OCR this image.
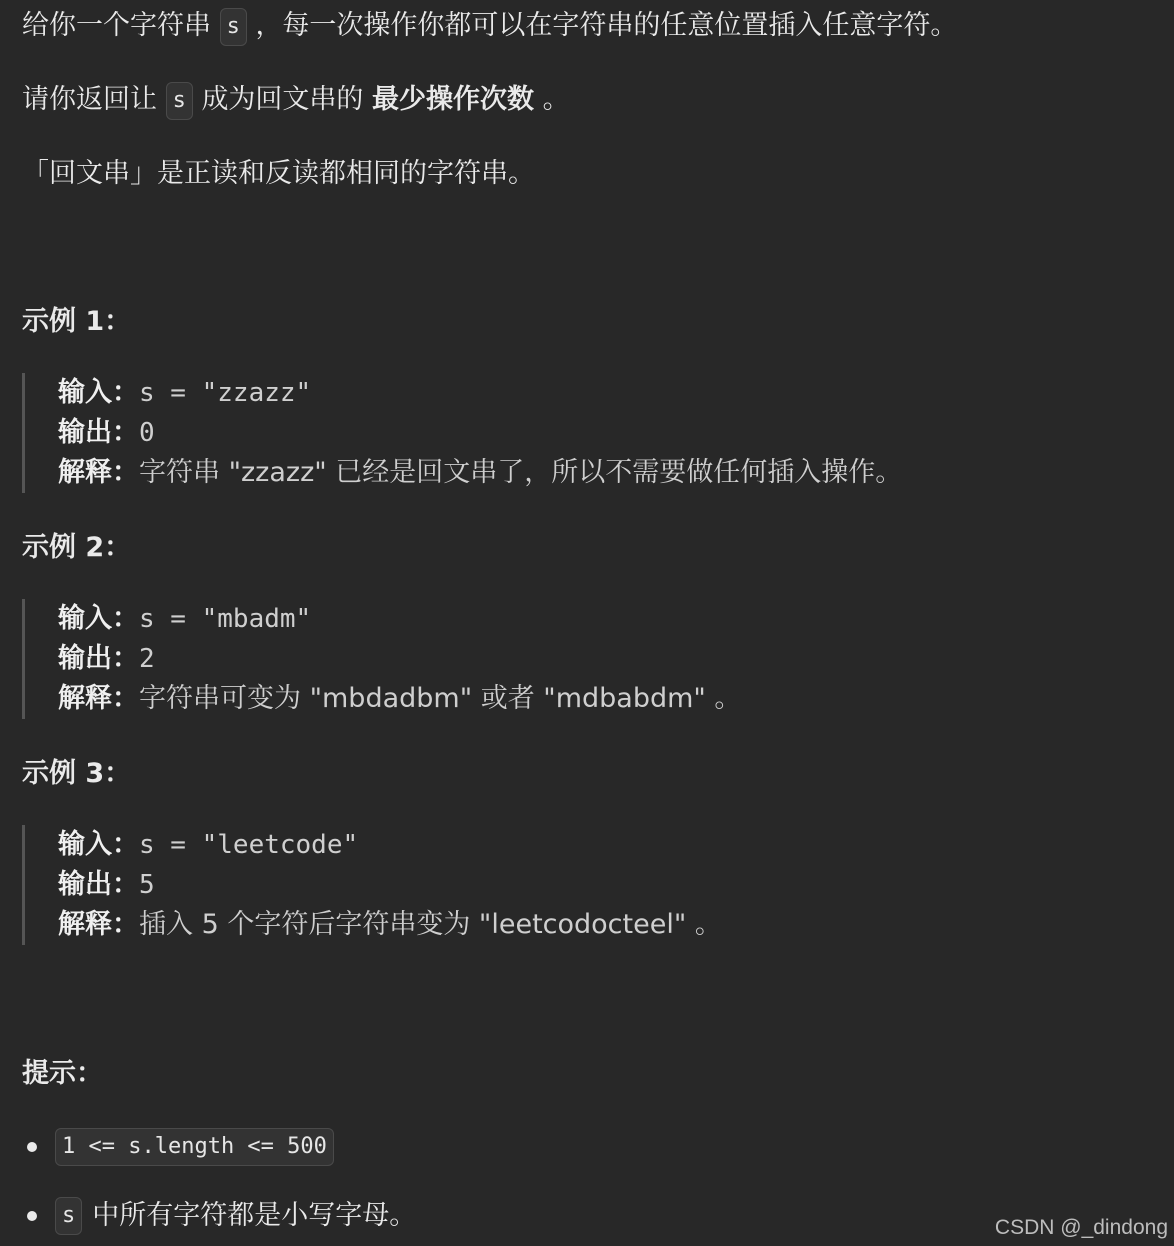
给你一个字符串 s ，每一次操作你都可以在字符串的任意位置插入任意字符。
请你返回让 s 成为回文串的 最少操作次数 。
「回文串」是正读和反读都相同的字符串。
示例 1：
输入：s = "zzazz"
输出：0
解释：字符串 "zzazz" 已经是回文串了，所以不需要做任何插入操作。
示例 2：
输入：s = "mbadm"
输出：2
解释：字符串可变为 "mbdadbm" 或者 "mdbabdm" 。
示例 3：
输入：s = "leetcode"
输出：5
解释：插入 5 个字符后字符串变为 "leetcodocteel" 。
提示：
1 <= s.length <= 500
s 中所有字符都是小写字母。	CSDN @_dindong
